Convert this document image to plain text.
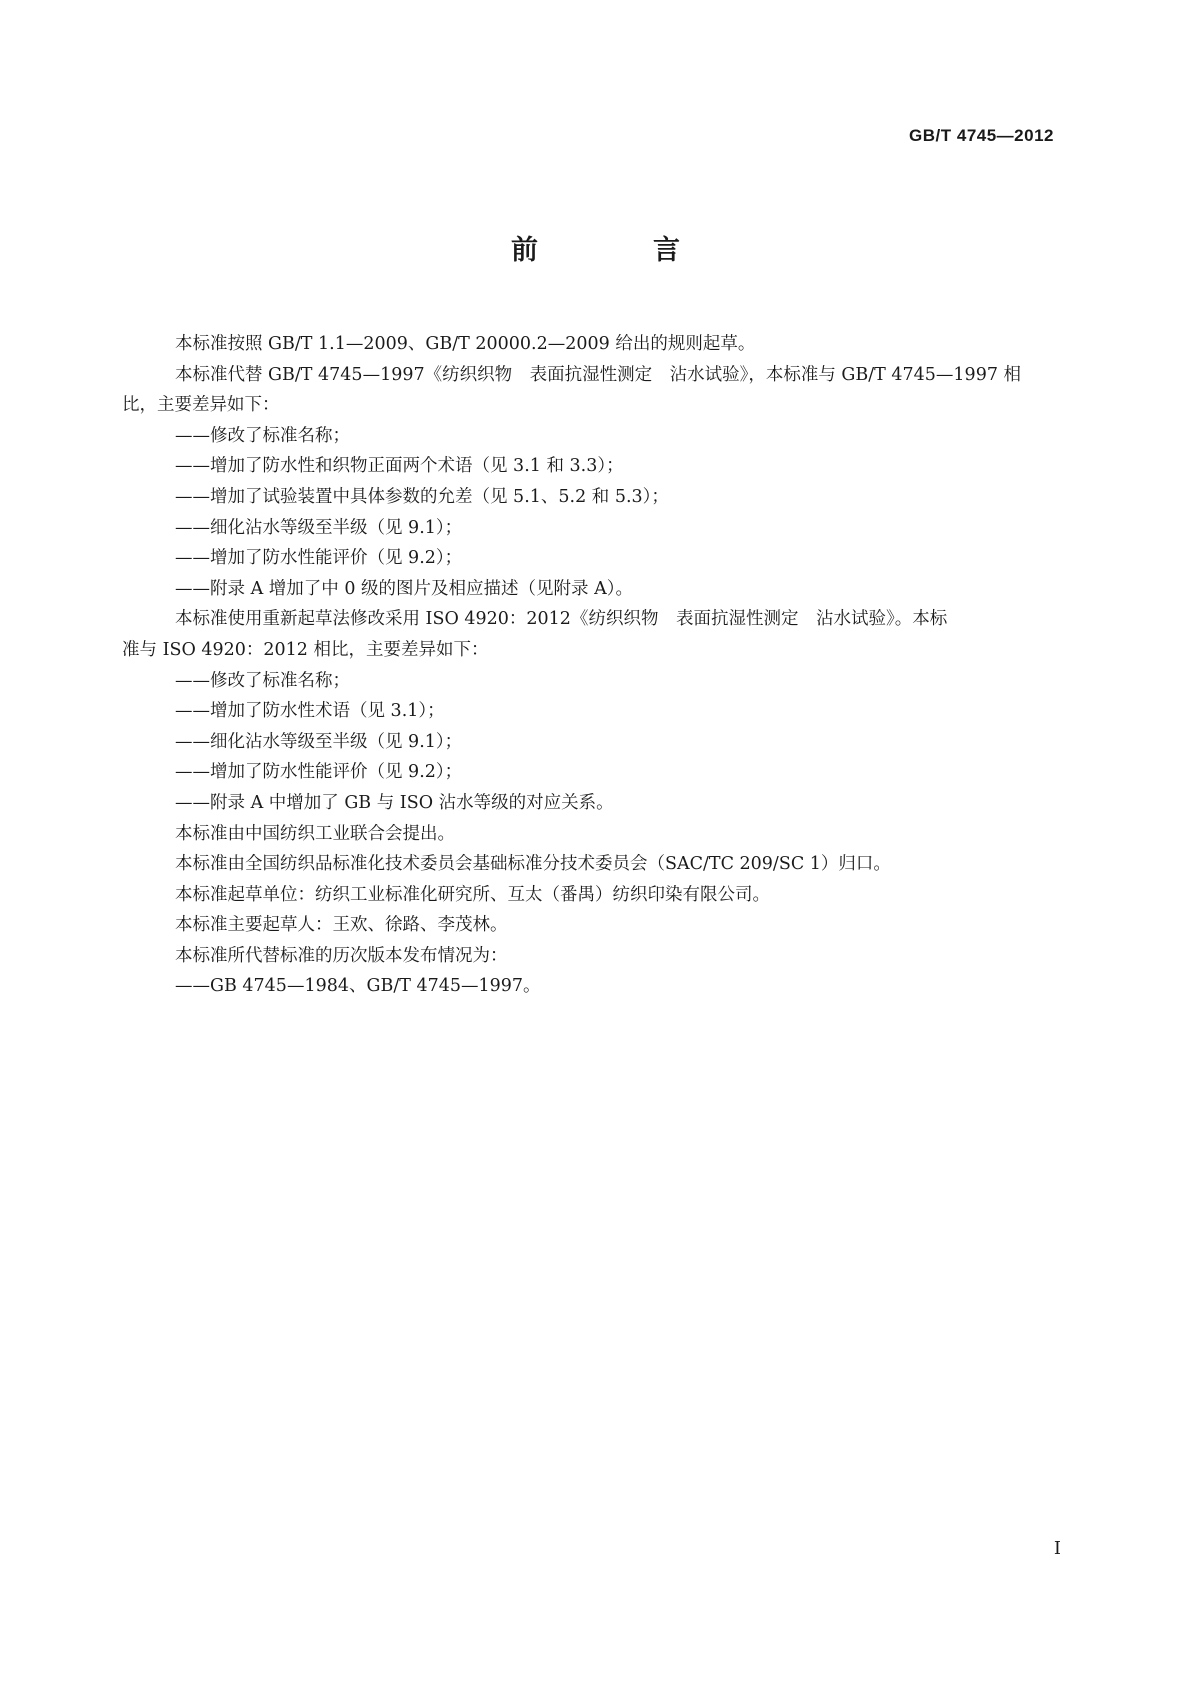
GB/T 4745—2012
前　言

本标准按照 GB/T 1.1—2009、GB/T 20000.2—2009 给出的规则起草。

本标准代替 GB/T 4745—1997《纺织织物　表面抗湿性测定　沾水试验》，本标准与 GB/T 4745—1997 相

比，主要差异如下：

——修改了标准名称；

——增加了防水性和织物正面两个术语（见 3.1 和 3.3）；

——增加了试验装置中具体参数的允差（见 5.1、5.2 和 5.3）；

——细化沾水等级至半级（见 9.1）；

——增加了防水性能评价（见 9.2）；

——附录 A 增加了中 0 级的图片及相应描述（见附录 A）。

本标准使用重新起草法修改采用 ISO 4920：2012《纺织织物　表面抗湿性测定　沾水试验》。本标

准与 ISO 4920：2012 相比，主要差异如下：

——修改了标准名称；

——增加了防水性术语（见 3.1）；

——细化沾水等级至半级（见 9.1）；

——增加了防水性能评价（见 9.2）；

——附录 A 中增加了 GB 与 ISO 沾水等级的对应关系。

本标准由中国纺织工业联合会提出。

本标准由全国纺织品标准化技术委员会基础标准分技术委员会（SAC/TC 209/SC 1）归口。

本标准起草单位：纺织工业标准化研究所、互太（番禺）纺织印染有限公司。

本标准主要起草人：王欢、徐路、李茂林。

本标准所代替标准的历次版本发布情况为：

——GB 4745—1984、GB/T 4745—1997。

I
